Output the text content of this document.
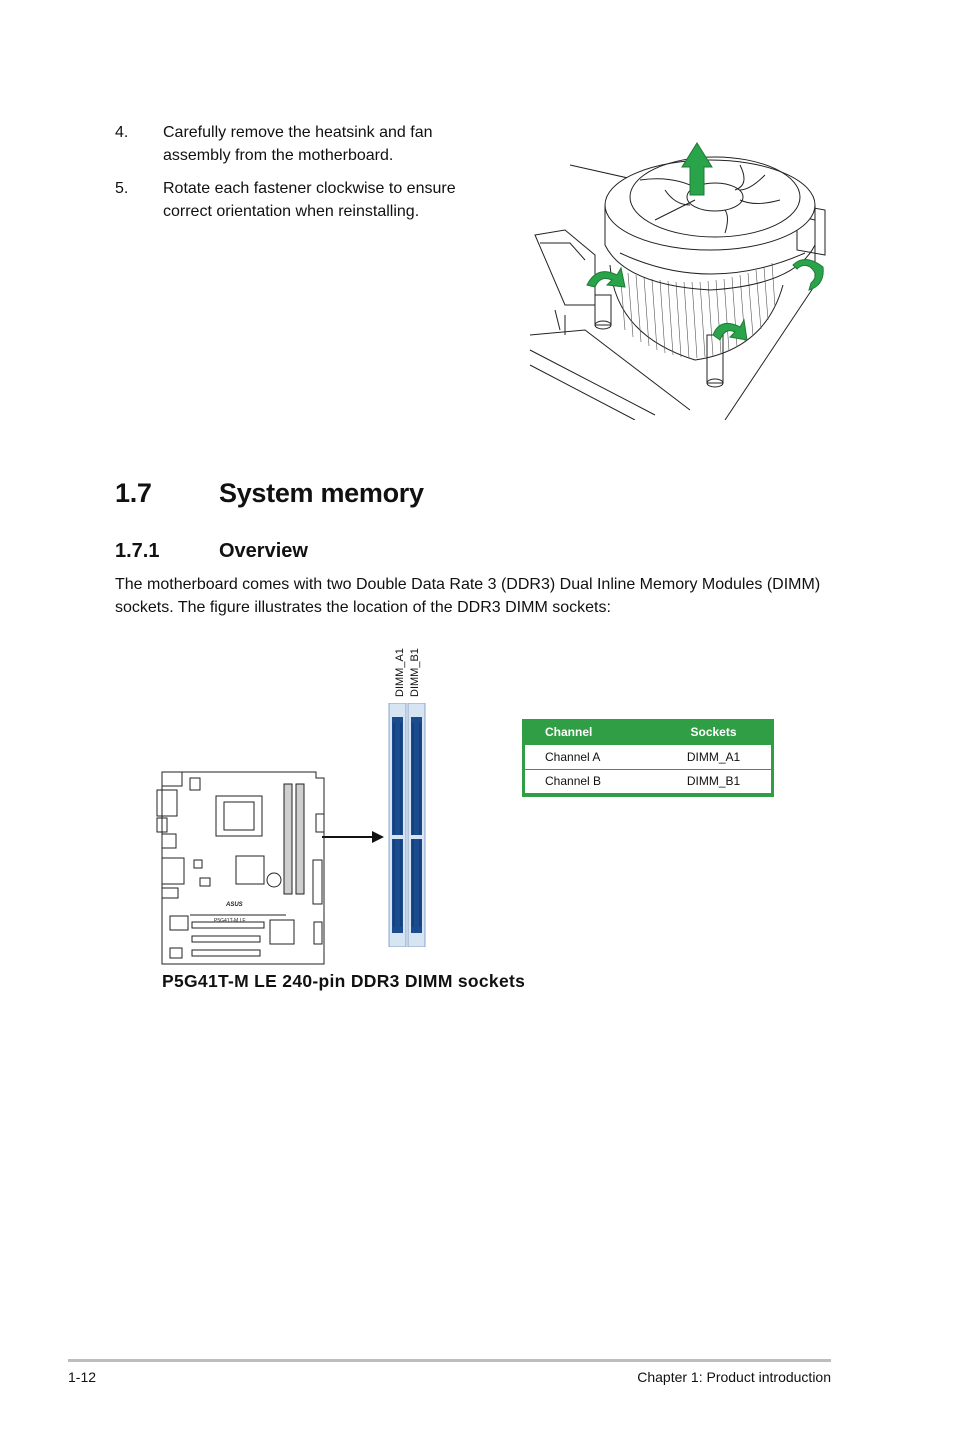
4. Carefully remove the heatsink and fan assembly from the motherboard.
5. Rotate each fastener clockwise to ensure correct orientation when reinstalling.
1.7 System memory
1.7.1	Overview
The motherboard comes with two Double Data Rate 3 (DDR3) Dual Inline Memory Modules (DIMM) sockets. The figure illustrates the location of the DDR3 DIMM sockets:
DIMM_A1 DIMM_B1
ASUS
P5G41T-M LE
P5G41T-M LE 240-pin DDR3 DIMM sockets
Channel	Sockets
Channel A	DIMM_A1
Channel B	DIMM_B1
1-12	Chapter 1: Product introduction
